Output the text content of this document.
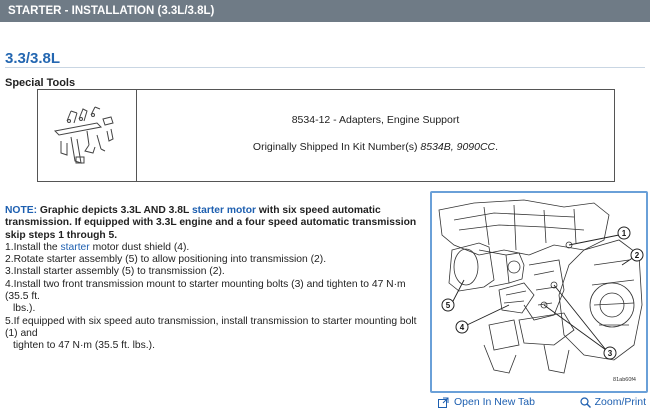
STARTER - INSTALLATION (3.3L/3.8L)
3.3/3.8L
Special Tools
8534-12 - Adapters, Engine Support
Originally Shipped In Kit Number(s) 8534B, 9090CC.

NOTE: Graphic depicts 3.3L AND 3.8L starter motor with six speed automatic transmission. If equipped with 3.3L engine and a four speed automatic transmission skip steps 1 through 5.

1.Install the starter motor dust shield (4).

2.Rotate starter assembly (5) to allow positioning into transmission (2).

3.Install starter assembly (5) to transmission (2).

4.Install two front transmission mount to starter mounting bolts (3) and tighten to 47 N·m (35.5 ft.
lbs.).

5.If equipped with six speed auto transmission, install transmission to starter mounting bolt (1) and
tighten to 47 N·m (35.5 ft. lbs.).

1
2
3
4
5
81ab60f4
Open In New Tab	Zoom/Print
